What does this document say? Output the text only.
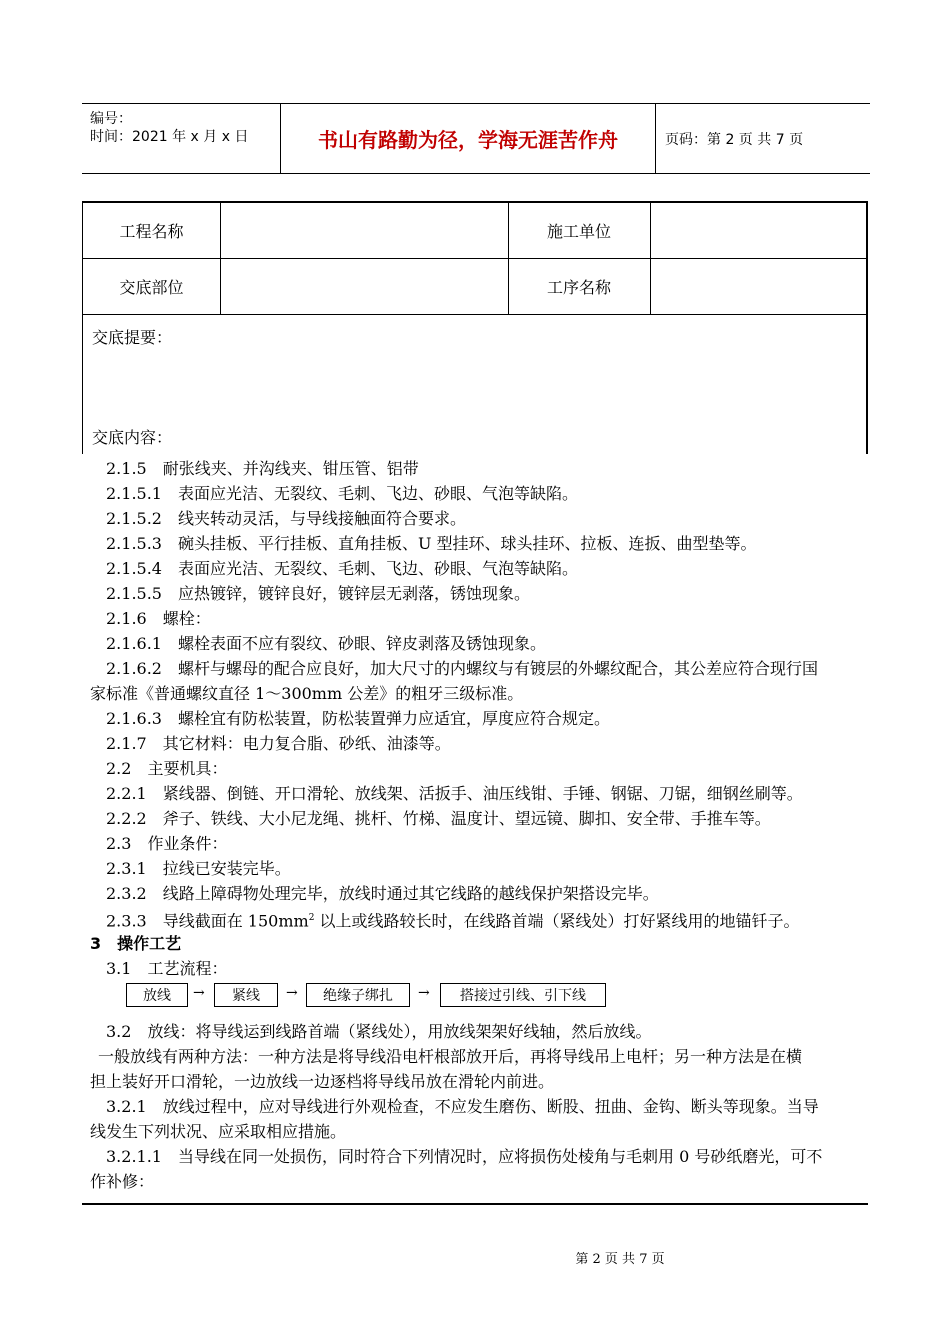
编号：
时间：2021 年 x 月 x 日	书山有路勤为径，学海无涯苦作舟	页码：第 2 页 共 7 页
工程名称	施工单位
交底部位	工序名称
交底提要：
交底内容：
2.1.5　耐张线夹、并沟线夹、钳压管、铝带
2.1.5.1　表面应光洁、无裂纹、毛刺、飞边、砂眼、气泡等缺陷。
2.1.5.2　线夹转动灵活，与导线接触面符合要求。
2.1.5.3　碗头挂板、平行挂板、直角挂板、U 型挂环、球头挂环、拉板、连扳、曲型垫等。
2.1.5.4　表面应光洁、无裂纹、毛刺、飞边、砂眼、气泡等缺陷。
2.1.5.5　应热镀锌，镀锌良好，镀锌层无剥落，锈蚀现象。
2.1.6　螺栓：
2.1.6.1　螺栓表面不应有裂纹、砂眼、锌皮剥落及锈蚀现象。
2.1.6.2　螺杆与螺母的配合应良好，加大尺寸的内螺纹与有镀层的外螺纹配合，其公差应符合现行国
家标准《普通螺纹直径 1～300mm 公差》的粗牙三级标准。
2.1.6.3　螺栓宜有防松装置，防松装置弹力应适宜，厚度应符合规定。
2.1.7　其它材料：电力复合脂、砂纸、油漆等。
2.2　主要机具：
2.2.1　紧线器、倒链、开口滑轮、放线架、活扳手、油压线钳、手锤、钢锯、刀锯，细钢丝刷等。
2.2.2　斧子、铁线、大小尼龙绳、挑杆、竹梯、温度计、望远镜、脚扣、安全带、手推车等。
2.3　作业条件：
2.3.1　拉线已安装完毕。
2.3.2　线路上障碍物处理完毕，放线时通过其它线路的越线保护架搭设完毕。
2.3.3　导线截面在 $150mm^2$ 以上或线路较长时，在线路首端（紧线处）打好紧线用的地锚钎子。
3　操作工艺
3.1　工艺流程：
放线	→	紧线	→	绝缘子绑扎	→	搭接过引线、引下线
3.2　放线：将导线运到线路首端（紧线处），用放线架架好线轴，然后放线。
一般放线有两种方法：一种方法是将导线沿电杆根部放开后，再将导线吊上电杆；另一种方法是在横
担上装好开口滑轮，一边放线一边逐档将导线吊放在滑轮内前进。
3.2.1　放线过程中，应对导线进行外观检查，不应发生磨伤、断股、扭曲、金钩、断头等现象。当导
线发生下列状况、应采取相应措施。
3.2.1.1　当导线在同一处损伤，同时符合下列情况时，应将损伤处棱角与毛刺用 0 号砂纸磨光，可不
作补修：
第 2 页 共 7 页
